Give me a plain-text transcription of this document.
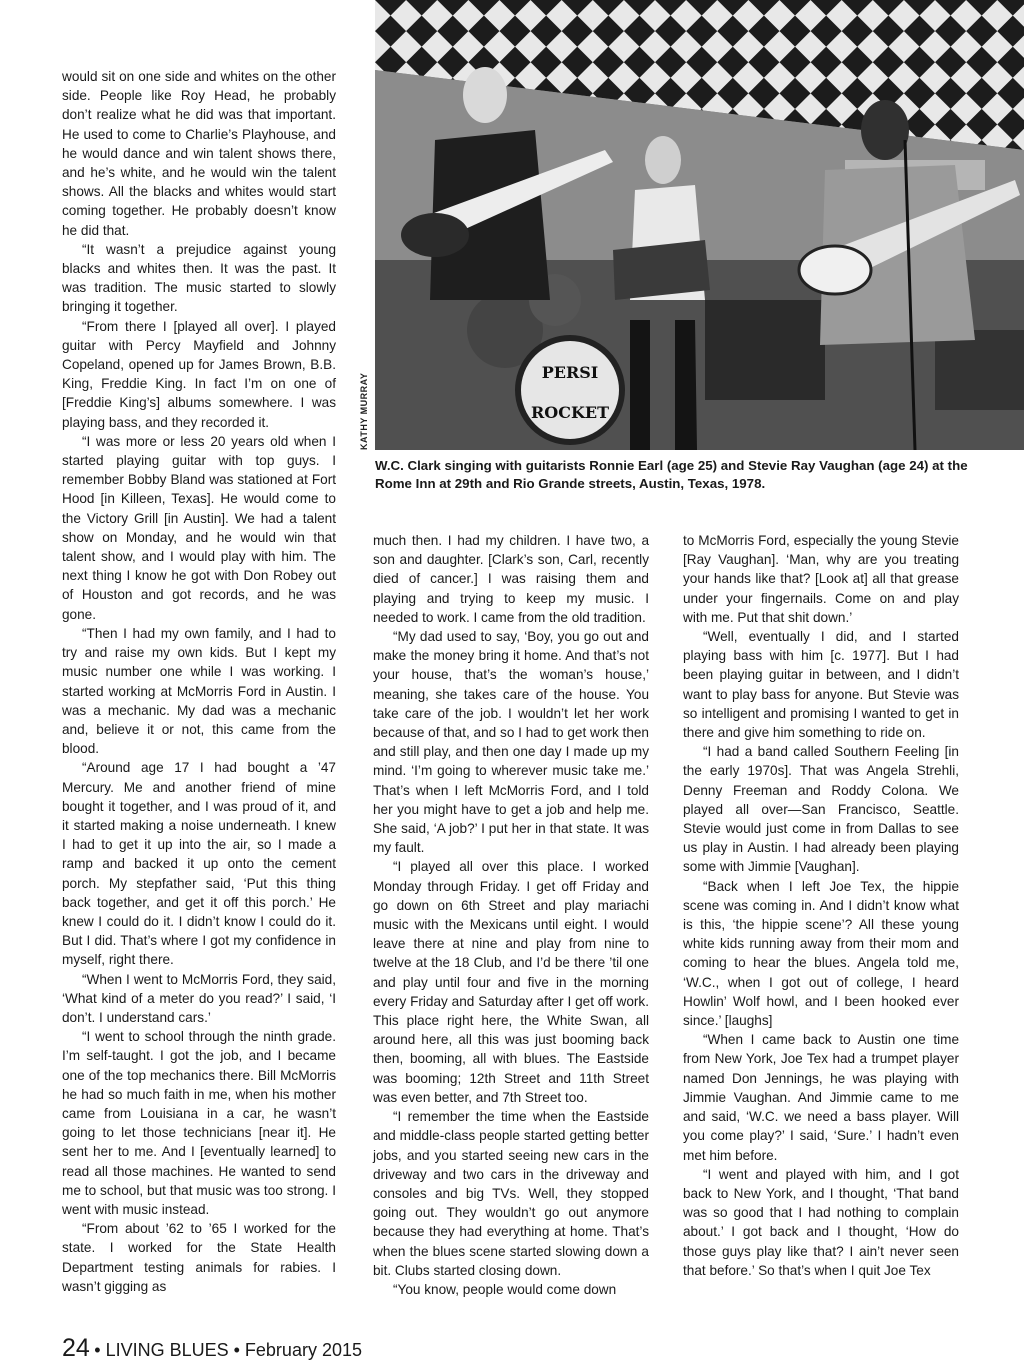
would sit on one side and whites on the other side. People like Roy Head, he probably don’t realize what he did was that important. He used to come to Charlie’s Playhouse, and he would dance and win talent shows there, and he’s white, and he would win the talent shows. All the blacks and whites would start coming together. He probably doesn’t know he did that.

“It wasn’t a prejudice against young blacks and whites then. It was the past. It was tradition. The music started to slowly bringing it together.

“From there I [played all over]. I played guitar with Percy Mayfield and Johnny Copeland, opened up for James Brown, B.B. King, Freddie King. In fact I’m on one of [Freddie King’s] albums somewhere. I was playing bass, and they recorded it.

“I was more or less 20 years old when I started playing guitar with top guys. I remember Bobby Bland was stationed at Fort Hood [in Killeen, Texas]. He would come to the Victory Grill [in Austin]. We had a talent show on Monday, and he would win that talent show, and I would play with him. The next thing I know he got with Don Robey out of Houston and got records, and he was gone.

“Then I had my own family, and I had to try and raise my own kids. But I kept my music number one while I was working. I started working at McMorris Ford in Austin. I was a mechanic. My dad was a mechanic and, believe it or not, this came from the blood.

“Around age 17 I had bought a ’47 Mercury. Me and another friend of mine bought it together, and I was proud of it, and it started making a noise underneath. I knew I had to get it up into the air, so I made a ramp and backed it up onto the cement porch. My stepfather said, ‘Put this thing back together, and get it off this porch.’ He knew I could do it. I didn’t know I could do it. But I did. That’s where I got my confidence in myself, right there.

“When I went to McMorris Ford, they said, ‘What kind of a meter do you read?’ I said, ‘I don’t. I understand cars.’

“I went to school through the ninth grade. I’m self-taught. I got the job, and I became one of the top mechanics there. Bill McMorris he had so much faith in me, when his mother came from Louisiana in a car, he wasn’t going to let those technicians [near it]. He sent her to me. And I [eventually learned] to read all those machines. He wanted to send me to school, but that music was too strong. I went with music instead.

“From about ’62 to ’65 I worked for the state. I worked for the State Health Department testing animals for rabies. I wasn’t gigging as

much then. I had my children. I have two, a son and daughter. [Clark’s son, Carl, recently died of cancer.] I was raising them and playing and trying to keep my music. I needed to work. I came from the old tradition.

“My dad used to say, ‘Boy, you go out and make the money bring it home. And that’s not your house, that’s the woman’s house,’ meaning, she takes care of the house. You take care of the job. I wouldn’t let her work because of that, and so I had to get work then and still play, and then one day I made up my mind. ‘I’m going to wherever music take me.’ That’s when I left McMorris Ford, and I told her you might have to get a job and help me. She said, ‘A job?’ I put her in that state. It was my fault.

“I played all over this place. I worked Monday through Friday. I get off Friday and go down on 6th Street and play mariachi music with the Mexicans until eight. I would leave there at nine and play from nine to twelve at the 18 Club, and I’d be there ’til one and play until four and five in the morning every Friday and Saturday after I get off work. This place right here, the White Swan, all around here, all this was just booming back then, booming, all with blues. The Eastside was booming; 12th Street and 11th Street was even better, and 7th Street too.

“I remember the time when the Eastside and middle-class people started getting better jobs, and you started seeing new cars in the driveway and two cars in the driveway and consoles and big TVs. Well, they stopped going out. They wouldn’t go out anymore because they had everything at home. That’s when the blues scene started slowing down a bit. Clubs started closing down.

“You know, people would come down

to McMorris Ford, especially the young Stevie [Ray Vaughan]. ‘Man, why are you treating your hands like that? [Look at] all that grease under your fingernails. Come on and play with me. Put that shit down.’

“Well, eventually I did, and I started playing bass with him [c. 1977]. But I had been playing guitar in between, and I didn’t want to play bass for anyone. But Stevie was so intelligent and promising I wanted to get in there and give him something to ride on.

“I had a band called Southern Feeling [in the early 1970s]. That was Angela Strehli, Denny Freeman and Roddy Colona. We played all over—San Francisco, Seattle. Stevie would just come in from Dallas to see us play in Austin. I had already been playing some with Jimmie [Vaughan].

“Back when I left Joe Tex, the hippie scene was coming in. And I didn’t know what is this, ‘the hippie scene’? All these young white kids running away from their mom and coming to hear the blues. Angela told me, ‘W.C., when I got out of college, I heard Howlin’ Wolf howl, and I been hooked ever since.’ [laughs]

“When I came back to Austin one time from New York, Joe Tex had a trumpet player named Don Jennings, he was playing with Jimmie Vaughan. And Jimmie came to me and said, ‘W.C. we need a bass player. Will you come play?’ I said, ‘Sure.’ I hadn’t even met him before.

“I went and played with him, and I got back to New York, and I thought, ‘That band was so good that I had nothing to complain about.’ I got back and I thought, ‘How do those guys play like that? I ain’t never seen that before.’ So that’s when I quit Joe Tex

PERSI
ROCKET
KATHY MURRAY
W.C. Clark singing with guitarists Ronnie Earl (age 25) and Stevie Ray Vaughan (age 24) at the Rome Inn at 29th and Rio Grande streets, Austin, Texas, 1978.
24 • LIVING BLUES • February 2015
